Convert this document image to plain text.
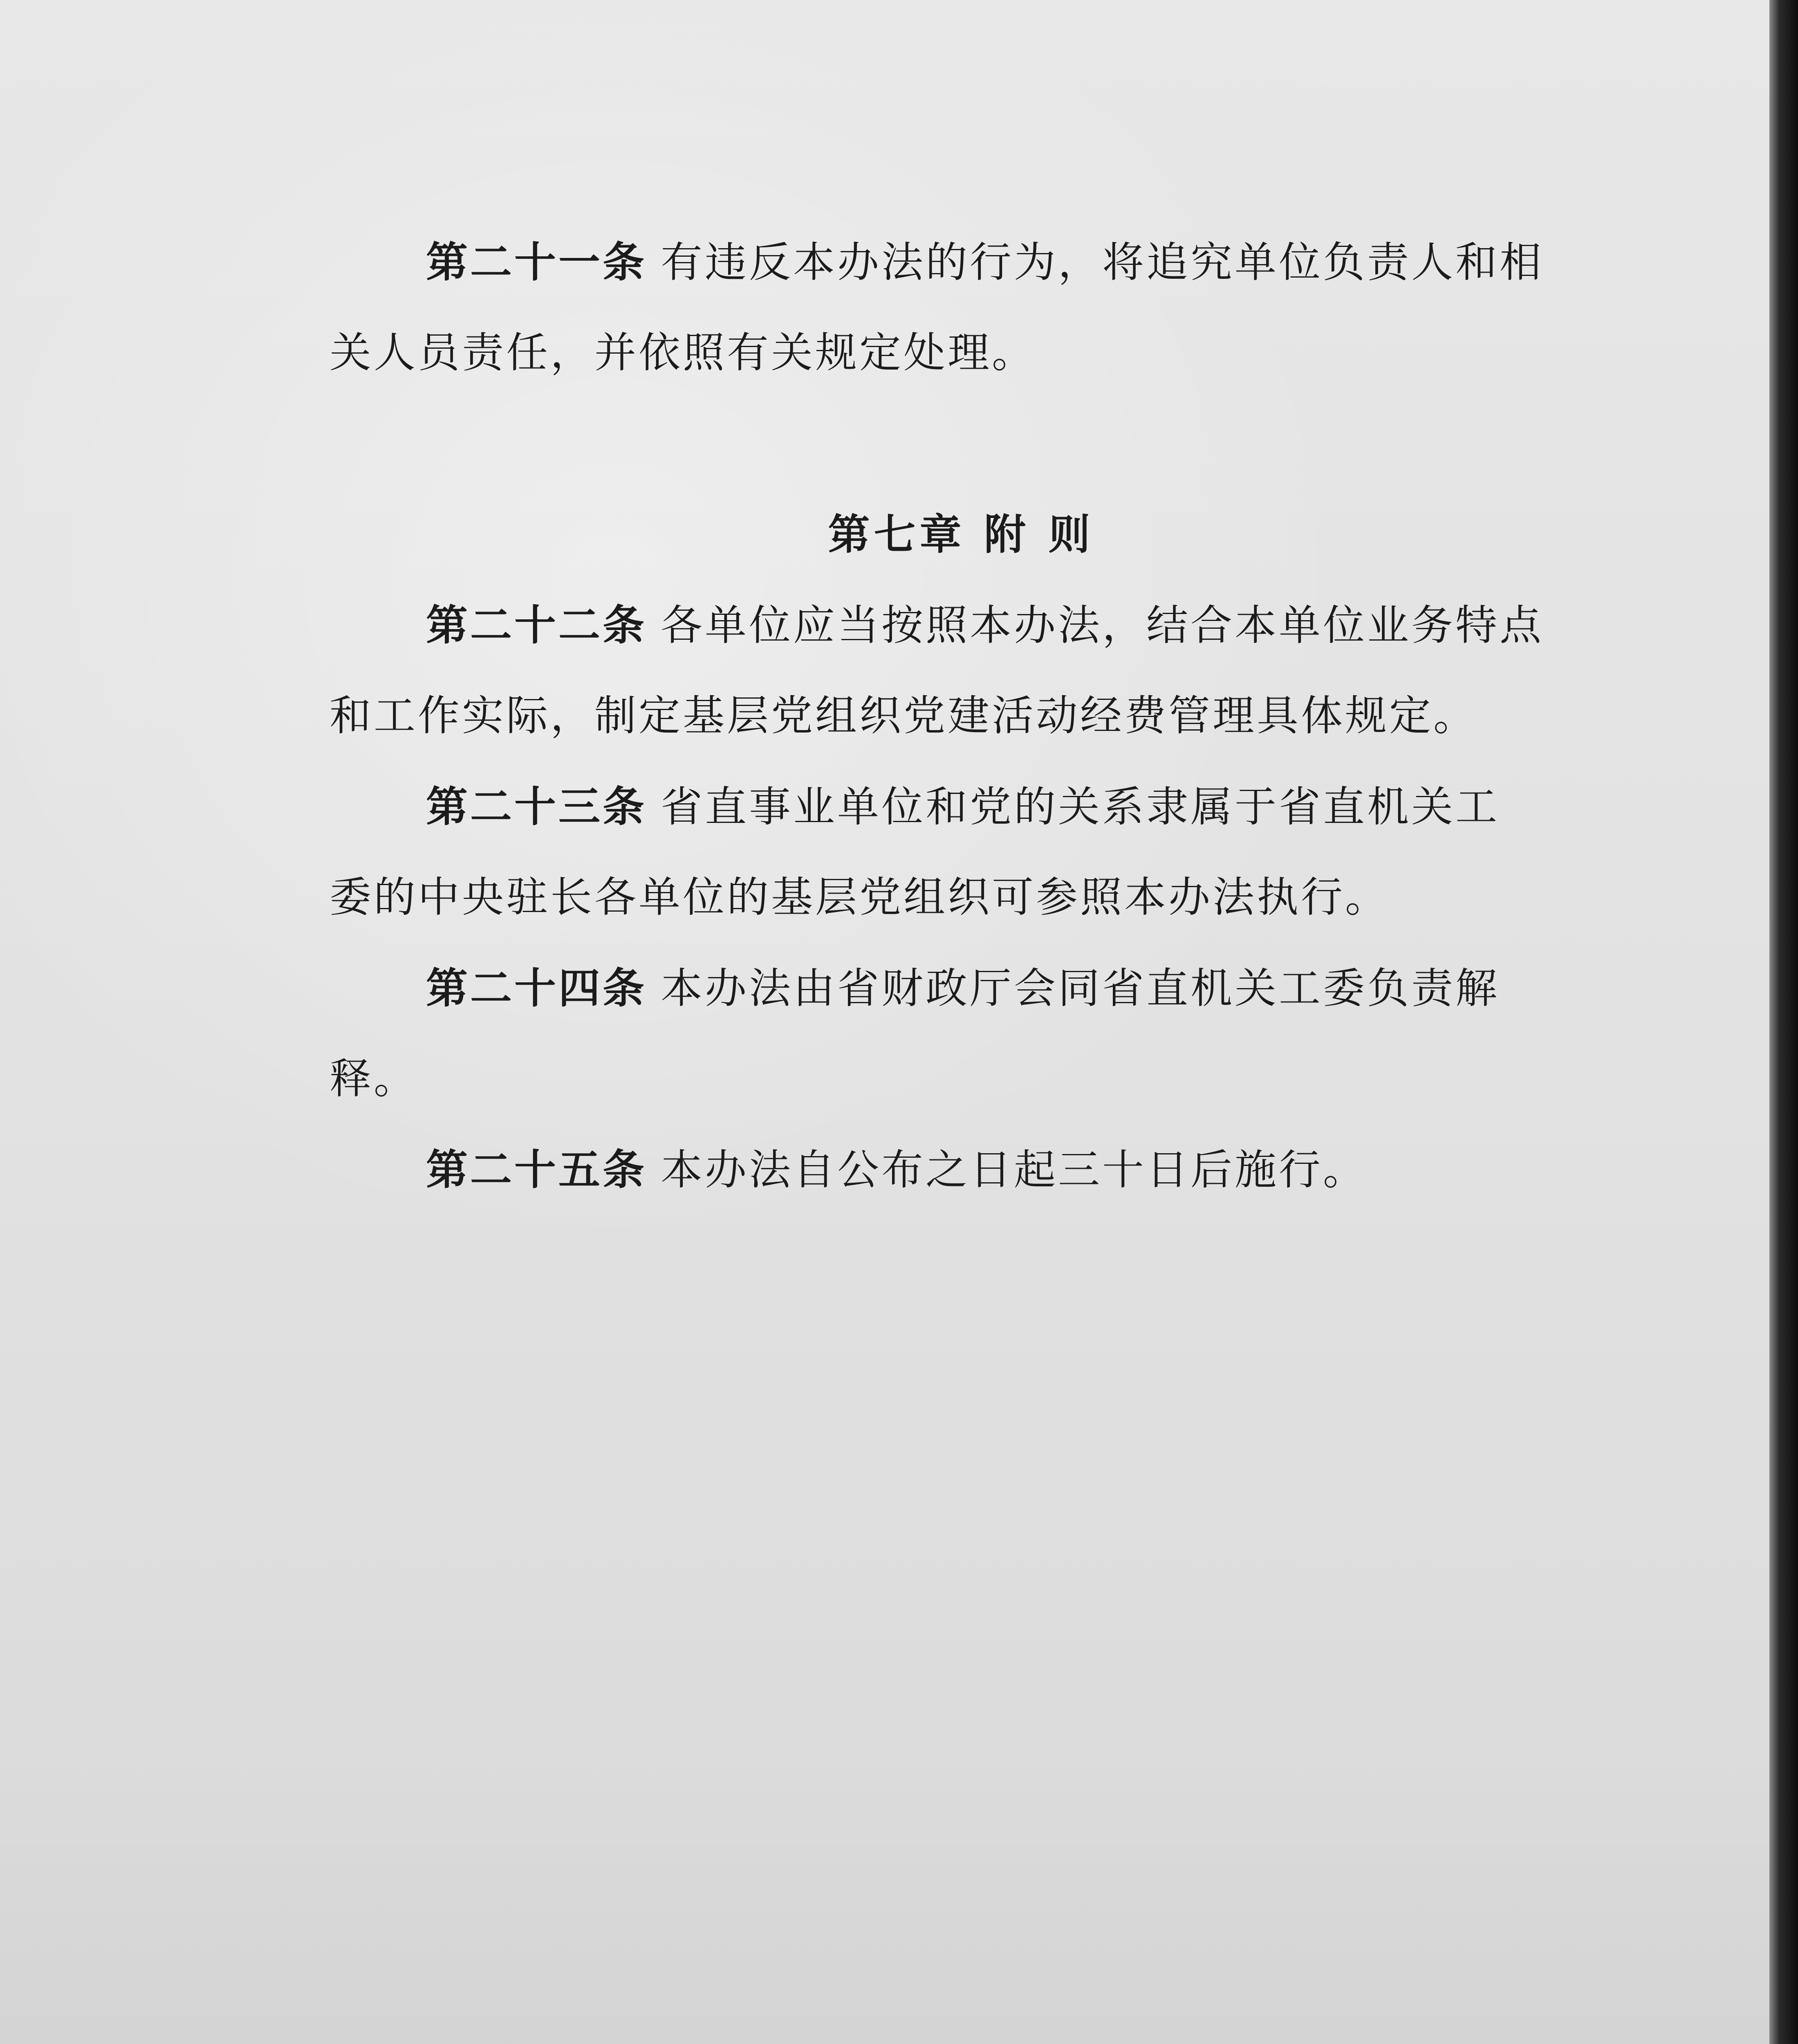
第二十一条 有违反本办法的行为，将追究单位负责人和相
关人员责任，并依照有关规定处理。
第七章 附 则
第二十二条 各单位应当按照本办法，结合本单位业务特点
和工作实际，制定基层党组织党建活动经费管理具体规定。
第二十三条 省直事业单位和党的关系隶属于省直机关工
委的中央驻长各单位的基层党组织可参照本办法执行。
第二十四条 本办法由省财政厅会同省直机关工委负责解
释。
第二十五条 本办法自公布之日起三十日后施行。
